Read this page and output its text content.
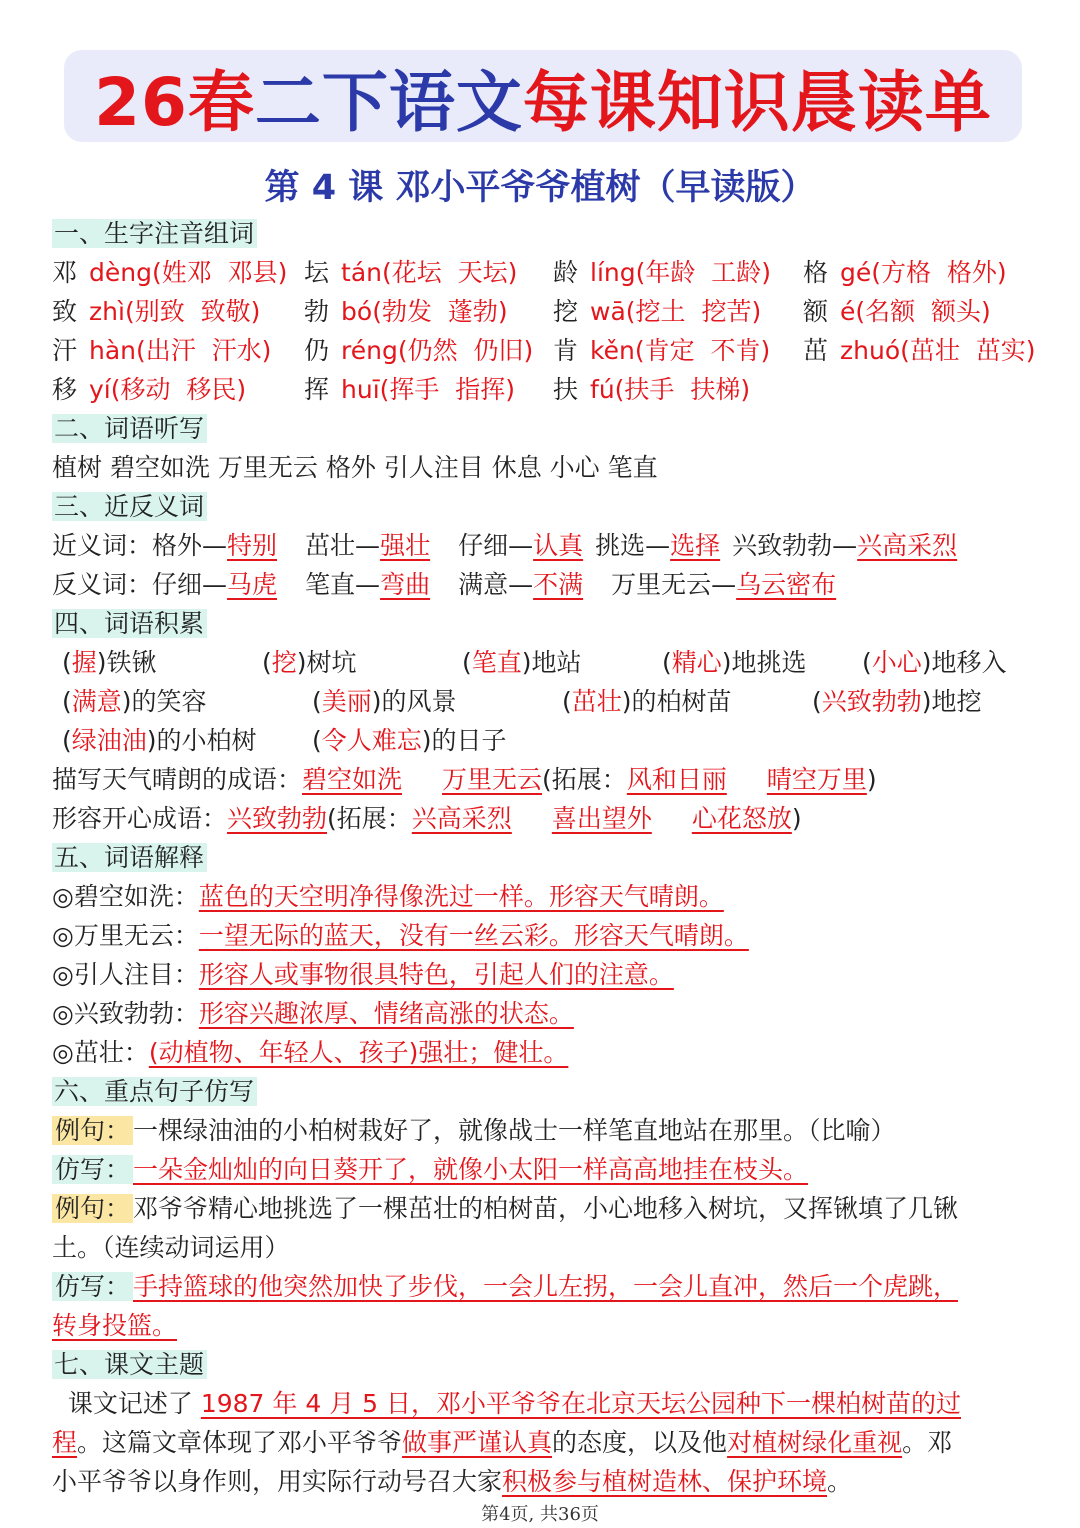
26春 二下语文 每课知识晨读单
第 4 课 邓小平爷爷植树（早读版）
一、生字注音组词
邓 dèng(姓邓  邓县) 坛 tán(花坛  天坛) 龄 líng(年龄  工龄) 格 gé(方格  格外)
致 zhì(别致  致敬) 勃 bó(勃发  蓬勃) 挖 wā(挖土  挖苦) 额 é(名额  额头)
汗 hàn(出汗  汗水) 仍 réng(仍然  仍旧) 肯 kěn(肯定  不肯) 茁 zhuó(茁壮  茁实)
移 yí(移动  移民) 挥 huī(挥手  指挥) 扶 fú(扶手  扶梯)
二、词语听写
植树 碧空如洗 万里无云 格外 引人注目 休息 小心 笔直
三、近反义词
近义词：格外—特别 茁壮—强壮 仔细—认真 挑选—选择 兴致勃勃—兴高采烈
反义词：仔细—马虎 笔直—弯曲 满意—不满 万里无云—乌云密布
四、词语积累
(握)铁锹	(挖)树坑	(笔直)地站	(精心)地挑选 (小心)地移入
(满意)的笑容	(美丽)的风景	(茁壮)的柏树苗	(兴致勃勃)地挖
(绿油油)的小柏树 (令人难忘)的日子
描写天气晴朗的成语：碧空如洗 万里无云(拓展：风和日丽 晴空万里)
形容开心成语：兴致勃勃(拓展：兴高采烈 喜出望外 心花怒放)
五、词语解释
◎碧空如洗：蓝色的天空明净得像洗过一样。形容天气晴朗。
◎万里无云：一望无际的蓝天，没有一丝云彩。形容天气晴朗。
◎引人注目：形容人或事物很具特色，引起人们的注意。
◎兴致勃勃：形容兴趣浓厚、情绪高涨的状态。
◎茁壮：(动植物、年轻人、孩子)强壮；健壮。
六、重点句子仿写
例句： 一棵绿油油的小柏树栽好了，就像战士一样笔直地站在那里。（比喻）
仿写： 一朵金灿灿的向日葵开了，就像小太阳一样高高地挂在枝头。
例句： 邓爷爷精心地挑选了一棵茁壮的柏树苗，小心地移入树坑，又挥锹填了几锹
土。（连续动词运用）
仿写： 手持篮球的他突然加快了步伐，一会儿左拐，一会儿直冲，然后一个虎跳，
转身投篮。
七、课文主题
课文记述了 1987 年 4 月 5 日，邓小平爷爷在北京天坛公园种下一棵柏树苗的过
程。这篇文章体现了邓小平爷爷做事严谨认真的态度，以及他对植树绿化重视。邓
小平爷爷以身作则，用实际行动号召大家积极参与植树造林、保护环境。
第4页, 共36页
